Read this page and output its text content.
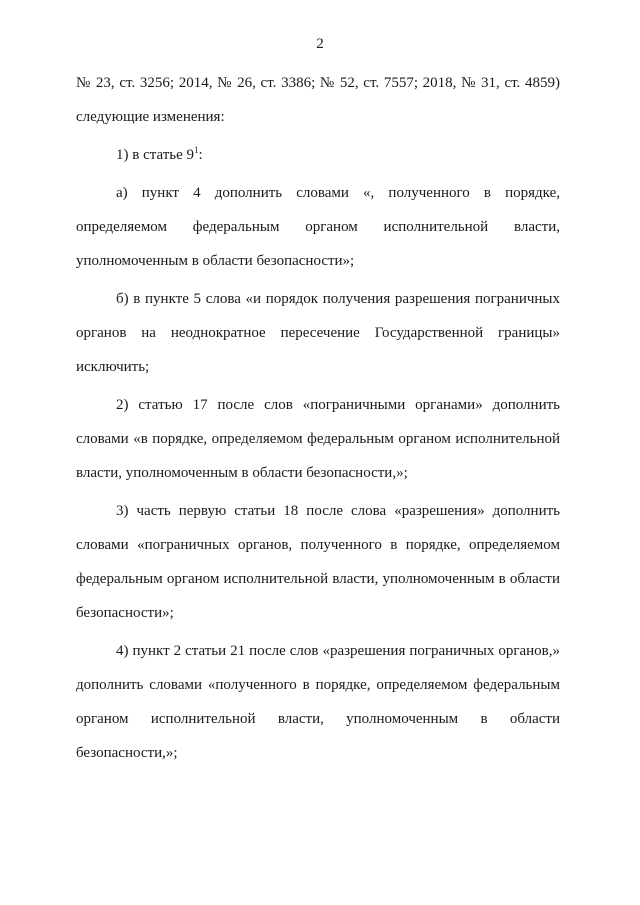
2

№ 23, ст. 3256; 2014, № 26, ст. 3386; № 52, ст. 7557; 2018, № 31, ст. 4859) следующие изменения:

1) в статье $9^1$:

а) пункт 4 дополнить словами «, полученного в порядке, определяемом федеральным органом исполнительной власти, уполномоченным в области безопасности»;

б) в пункте 5 слова «и порядок получения разрешения пограничных органов на неоднократное пересечение Государственной границы» исключить;

2) статью 17 после слов «пограничными органами» дополнить словами «в порядке, определяемом федеральным органом исполнительной власти, уполномоченным в области безопасности,»;

3) часть первую статьи 18 после слова «разрешения» дополнить словами «пограничных органов, полученного в порядке, определяемом федеральным органом исполнительной власти, уполномоченным в области безопасности»;

4) пункт 2 статьи 21 после слов «разрешения пограничных органов,» дополнить словами «полученного в порядке, определяемом федеральным органом исполнительной власти, уполномоченным в области безопасности,»;
